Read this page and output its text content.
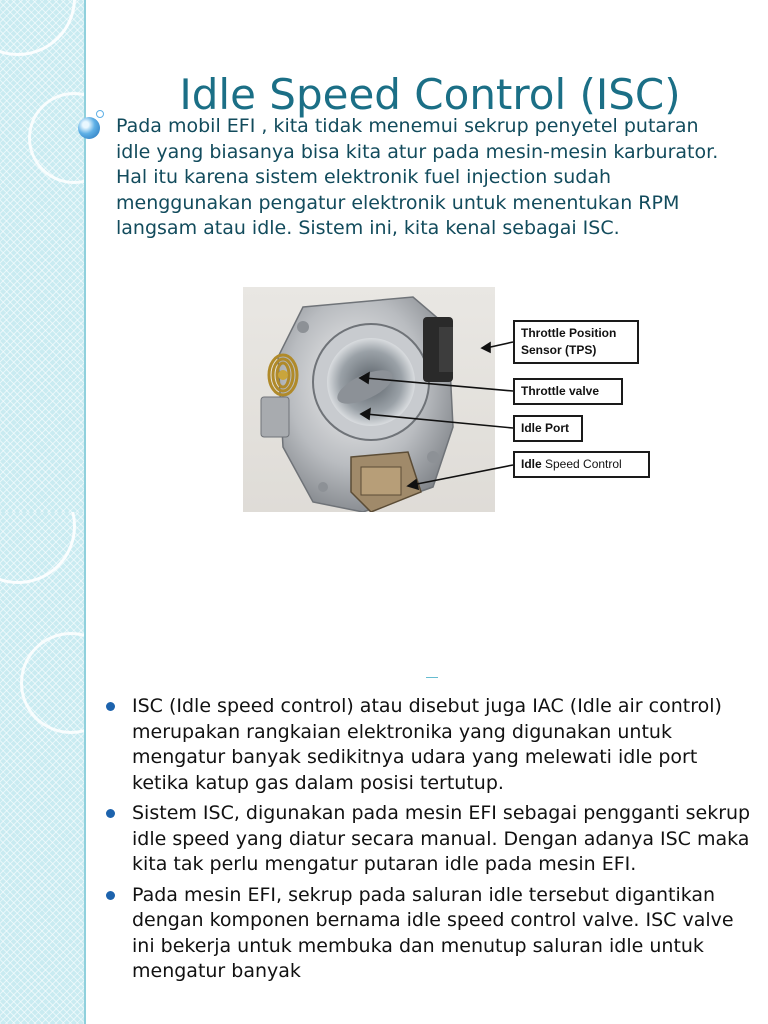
Idle Speed Control (ISC)

Pada mobil EFI , kita tidak menemui sekrup penyetel putaran idle yang biasanya bisa kita atur pada mesin-mesin karburator. Hal itu karena sistem elektronik fuel injection sudah menggunakan pengatur elektronik untuk menentukan RPM langsam atau idle. Sistem ini, kita kenal sebagai ISC.

Throttle Position
Sensor (TPS)
Throttle valve
Idle Port
Idle Speed Control
ISC (Idle speed control) atau disebut juga IAC (Idle air control) merupakan rangkaian elektronika yang digunakan untuk mengatur banyak sedikitnya udara yang melewati idle port ketika katup gas dalam posisi tertutup.
Sistem ISC, digunakan pada mesin EFI sebagai pengganti sekrup idle speed yang diatur secara manual. Dengan adanya ISC maka kita tak perlu mengatur putaran idle pada mesin EFI.
Pada mesin EFI, sekrup pada saluran idle tersebut digantikan dengan komponen bernama idle speed control valve. ISC valve ini bekerja untuk membuka dan menutup saluran idle untuk mengatur banyak
